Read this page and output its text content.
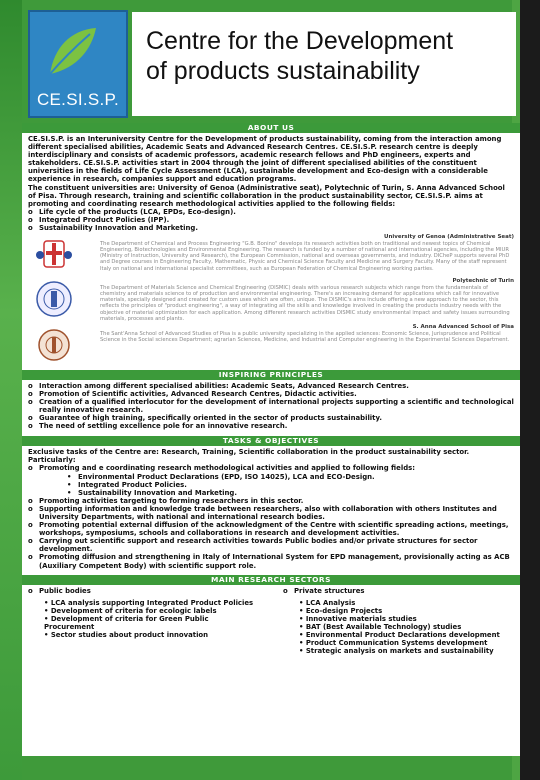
CE.SI.S.P.
Centre for the Development
of products sustainability
ABOUT US

CE.SI.S.P. is an Interuniversity Centre for the Development of products sustainability, coming from the interaction among different specialised abilities, Academic Seats and Advanced Research Centres. CE.SI.S.P. research centre is deeply interdisciplinary and consists of academic professors, academic research fellows and PhD engineers, experts and stakeholders. CE.SI.S.P. activities start in 2004 through the joint of different specialised abilities of the constituent universities in the fields of Life Cycle Assessment (LCA), sustainable development and Eco-design with a considerable experience in research, companies support and education programs.

The constituent universities are: University of Genoa (Administrative seat), Polytechnic of Turin, S. Anna Advanced School of Pisa. Through research, training and scientific collaboration in the product sustainability sector, CE.SI.S.P. aims at promoting and coordinating research methodological activities applied to the following fields:

o Life cycle of the products (LCA, EPDs, Eco-design).
o Integrated Product Policies (IPP).
o Sustainability Innovation and Marketing.
University of Genoa (Administrative Seat)
The Department of Chemical and Process Engineering "G.B. Bonino" develops its research activities both on traditional and newest topics of Chemical Engineering, Biotechnologies and Environmental Engineering. The research is funded by a number of national and international agencies, including the MIUR (Ministry of Instruction, University and Research), the European Commission, national and overseas governments, and industry. DICheP supports several PhD and Degree courses in Engineering Faculty, Mathematic, Physic and Chemical Science Faculty and Medicine and Surgery Faculty. Many of the staff represent Italy on national and international specialist committees, such as European Federation of Chemical Engineering working parties.
Polytechnic of Turin
The Department of Materials Science and Chemical Engineering (DISMIC) deals with various research subjects which range from the fundamentals of chemistry and materials science to of production and environmental engineering. There's an increasing demand for applications which call for innovative materials, specially designed and created for custom uses which are often, unique. The DISMIC's aims include offering a new approach to the sector, this reflects the principles of "product engineering", a way of integrating all the skills and knowledge involved in creating the products industry needs with the objective of material optimization for each application. Among different research activities DISMIC study environmental impact and safety issues surrounding materials, processes and plants.
S. Anna Advanced School of Pisa
The Sant'Anna School of Advanced Studies of Pisa is a public university specializing in the applied sciences: Economic Science, Jurisprudence and Political Science in the Social sciences Department; agrarian Sciences, Medicine, and Industrial and Computer engineering in the Experimental Sciences Department.
INSPIRING PRINCIPLES
o Interaction among different specialised abilities: Academic Seats, Advanced Research Centres.
o Promotion of Scientific activities, Advanced Research Centres, Didactic activities.
o Creation of a qualified interlocutor for the development of international projects supporting a scientific and technological really innovative research.
o Guarantee of high training, specifically oriented in the sector of products sustainability.
o The need of settling excellence pole for an innovative research.
TASKS & OBJECTIVES

Exclusive tasks of the Centre are: Research, Training, Scientific collaboration in the product sustainability sector.

Particularly:

o Promoting and e coordinating research methodological activities and applied to following fields:
• Environmental Product Declarations (EPD, ISO 14025), LCA and ECO-Design.
• Integrated Product Policies.
• Sustainability Innovation and Marketing.
o Promoting activities targeting to forming researchers in this sector.
o Supporting information and knowledge trade between researchers, also with collaboration with others Institutes and University Departments, with national and international research bodies.
o Promoting potential external diffusion of the acknowledgment of the Centre with scientific spreading actions, meetings, workshops, symposiums, schools and collaborations in research and development activities.
o Carrying out scientific support and research activities towards Public bodies and/or private structures for sector development.
o Promoting diffusion and strengthening in Italy of International System for EPD management, provisionally acting as ACB (Auxiliary Competent Body) with scientific support role.
MAIN RESEARCH SECTORS
o Public bodies
• LCA analysis supporting Integrated Product Policies
• Development of criteria for ecologic labels
• Development of criteria for Green Public Procurement
• Sector studies about product innovation
o Private structures
• LCA Analysis
• Eco-design Projects
• Innovative materials studies
• BAT (Best Available Technology) studies
• Environmental Product Declarations development
• Product Communication Systems development
• Strategic analysis on markets and sustainability
